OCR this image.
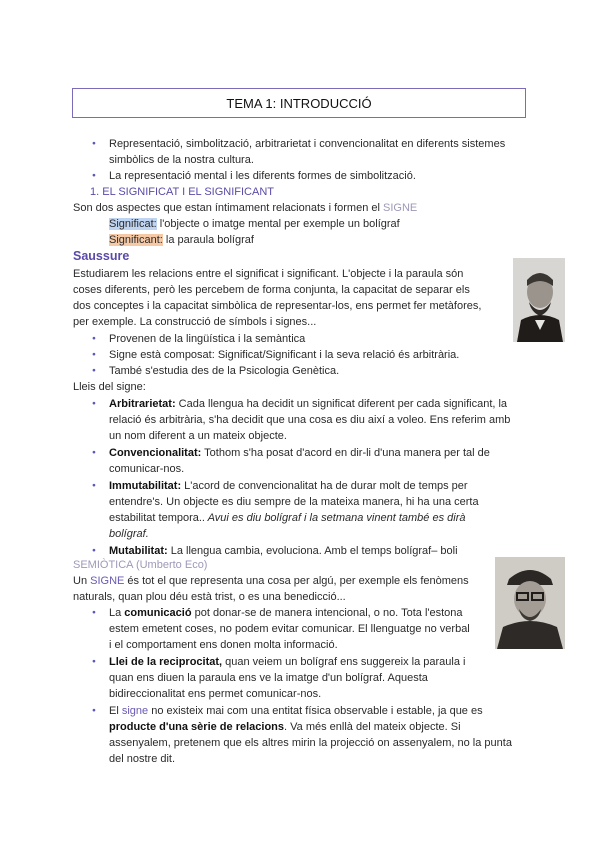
TEMA 1: INTRODUCCIÓ
● Representació, simbolització, arbitrarietat i convencionalitat en diferents sistemes
simbòlics de la nostra cultura.
● La representació mental i les diferents formes de simbolització.
1. EL SIGNIFICAT I EL SIGNIFICANT
Son dos aspectes que estan íntimament relacionats i formen el SIGNE
Significat: l'objecte o imatge mental per exemple un bolígraf
Significant: la paraula bolígraf
Saussure
Estudiarem les relacions entre el significat i significant. L'objecte i la paraula són
coses diferents, però les percebem de forma conjunta, la capacitat de separar els
dos conceptes i la capacitat simbòlica de representar-los, ens permet fer metàfores,
per exemple. La construcció de símbols i signes...
● Provenen de la lingüística i la semàntica
● Signe està composat: Significat/Significant i la seva relació és arbitrària.
● També s'estudia des de la Psicologia Genètica.
Lleis del signe:
● Arbitrarietat: Cada llengua ha decidit un significat diferent per cada significant, la
relació és arbitrària, s'ha decidit que una cosa es diu així a voleo. Ens referim amb
un nom diferent a un mateix objecte.
● Convencionalitat: Tothom s'ha posat d'acord en dir-li d'una manera per tal de
comunicar-nos.
● Immutabilitat: L'acord de convencionalitat ha de durar molt de temps per
entendre's. Un objecte es diu sempre de la mateixa manera, hi ha una certa
estabilitat tempora.. Avui es diu bolígraf i la setmana vinent també es dirà
bolígraf.
● Mutabilitat: La llengua cambia, evoluciona. Amb el temps bolígraf– boli
SEMIÒTICA (Umberto Eco)
Un SIGNE és tot el que representa una cosa per algú, per exemple els fenòmens
naturals, quan plou déu està trist, o es una benedicció...
● La comunicació pot donar-se de manera intencional, o no. Tota l'estona
estem emetent coses, no podem evitar comunicar. El llenguatge no verbal
i el comportament ens donen molta informació.
● Llei de la reciprocitat, quan veiem un bolígraf ens suggereix la paraula i
quan ens diuen la paraula ens ve la imatge d'un bolígraf. Aquesta
bidireccionalitat ens permet comunicar-nos.
● El signe no existeix mai com una entitat física observable i estable, ja que es
producte d'una sèrie de relacions. Va més enllà del mateix objecte. Si
assenyalem, pretenem que els altres mirin la projecció on assenyalem, no la punta
del nostre dit.
